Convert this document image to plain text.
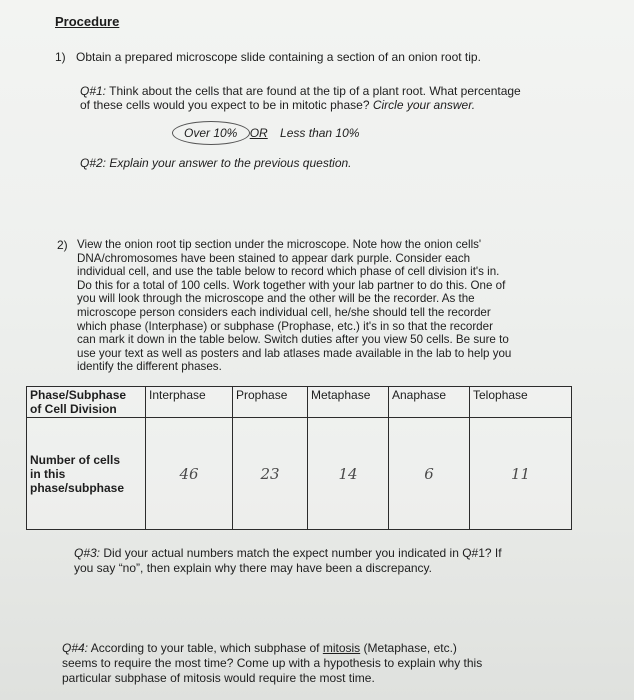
Procedure
1) Obtain a prepared microscope slide containing a section of an onion root tip.
Q#1: Think about the cells that are found at the tip of a plant root. What percentage
of these cells would you expect to be in mitotic phase? Circle your answer.
Over 10% OR Less than 10%
Q#2: Explain your answer to the previous question.
2) View the onion root tip section under the microscope. Note how the onion cells'
DNA/chromosomes have been stained to appear dark purple. Consider each
individual cell, and use the table below to record which phase of cell division it's in.
Do this for a total of 100 cells. Work together with your lab partner to do this. One of
you will look through the microscope and the other will be the recorder. As the
microscope person considers each individual cell, he/she should tell the recorder
which phase (Interphase) or subphase (Prophase, etc.) it's in so that the recorder
can mark it down in the table below. Switch duties after you view 50 cells. Be sure to
use your text as well as posters and lab atlases made available in the lab to help you
identify the different phases.
Phase/Subphase
of Cell Division	Interphase	Prophase	Metaphase	Anaphase	Telophase

Number of cells
in this
phase/subphase	46	23	14	6	11
Q#3: Did your actual numbers match the expect number you indicated in Q#1? If
you say “no”, then explain why there may have been a discrepancy.
Q#4: According to your table, which subphase of mitosis (Metaphase, etc.)
seems to require the most time? Come up with a hypothesis to explain why this
particular subphase of mitosis would require the most time.
